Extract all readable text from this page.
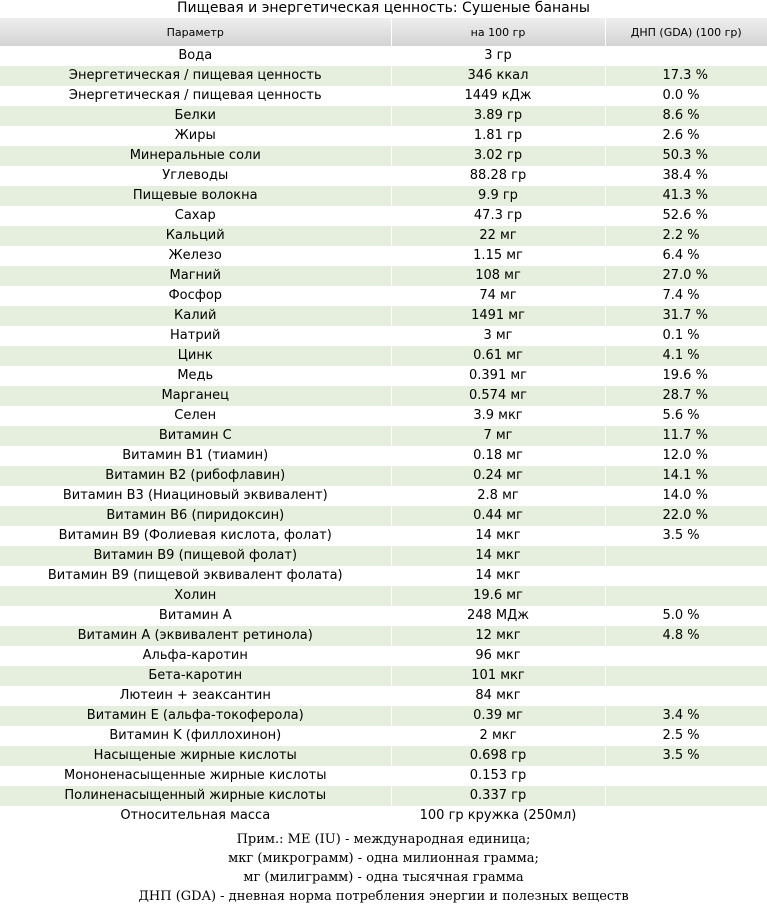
Пищевая и энергетическая ценность: Сушеные бананы
Параметр	на 100 гр	ДНП (GDA) (100 гр)
Вода	3 гр	
Энергетическая / пищевая ценность	346 ккал	17.3 %
Энергетическая / пищевая ценность	1449 кДж	0.0 %
Белки	3.89 гр	8.6 %
Жиры	1.81 гр	2.6 %
Минеральные соли	3.02 гр	50.3 %
Углеводы	88.28 гр	38.4 %
Пищевые волокна	9.9 гр	41.3 %
Сахар	47.3 гр	52.6 %
Кальций	22 мг	2.2 %
Железо	1.15 мг	6.4 %
Магний	108 мг	27.0 %
Фосфор	74 мг	7.4 %
Калий	1491 мг	31.7 %
Натрий	3 мг	0.1 %
Цинк	0.61 мг	4.1 %
Медь	0.391 мг	19.6 %
Марганец	0.574 мг	28.7 %
Селен	3.9 мкг	5.6 %
Витамин C	7 мг	11.7 %
Витамин B1 (тиамин)	0.18 мг	12.0 %
Витамин B2 (рибофлавин)	0.24 мг	14.1 %
Витамин B3 (Ниациновый эквивалент)	2.8 мг	14.0 %
Витамин B6 (пиридоксин)	0.44 мг	22.0 %
Витамин B9 (Фолиевая кислота, фолат)	14 мкг	3.5 %
Витамин B9 (пищевой фолат)	14 мкг	
Витамин B9 (пищевой эквивалент фолата)	14 мкг	
Холин	19.6 мг	
Витамин A	248 МДж	5.0 %
Витамин A (эквивалент ретинола)	12 мкг	4.8 %
Альфа-каротин	96 мкг	
Бета-каротин	101 мкг	
Лютеин + зеаксантин	84 мкг	
Витамин E (альфа-токоферола)	0.39 мг	3.4 %
Витамин K (филлохинон)	2 мкг	2.5 %
Насыщеные жирные кислоты	0.698 гр	3.5 %
Мононенасыщенные жирные кислоты	0.153 гр	
Полиненасыщенный жирные кислоты	0.337 гр	
Относительная масса	100 гр кружка (250мл)	
Прим.: ME (IU) - международная единица;
мкг (микрограмм) - одна милионная грамма;
мг (милиграмм) - одна тысячная грамма
ДНП (GDA) - дневная норма потребления энергии и полезных веществ
